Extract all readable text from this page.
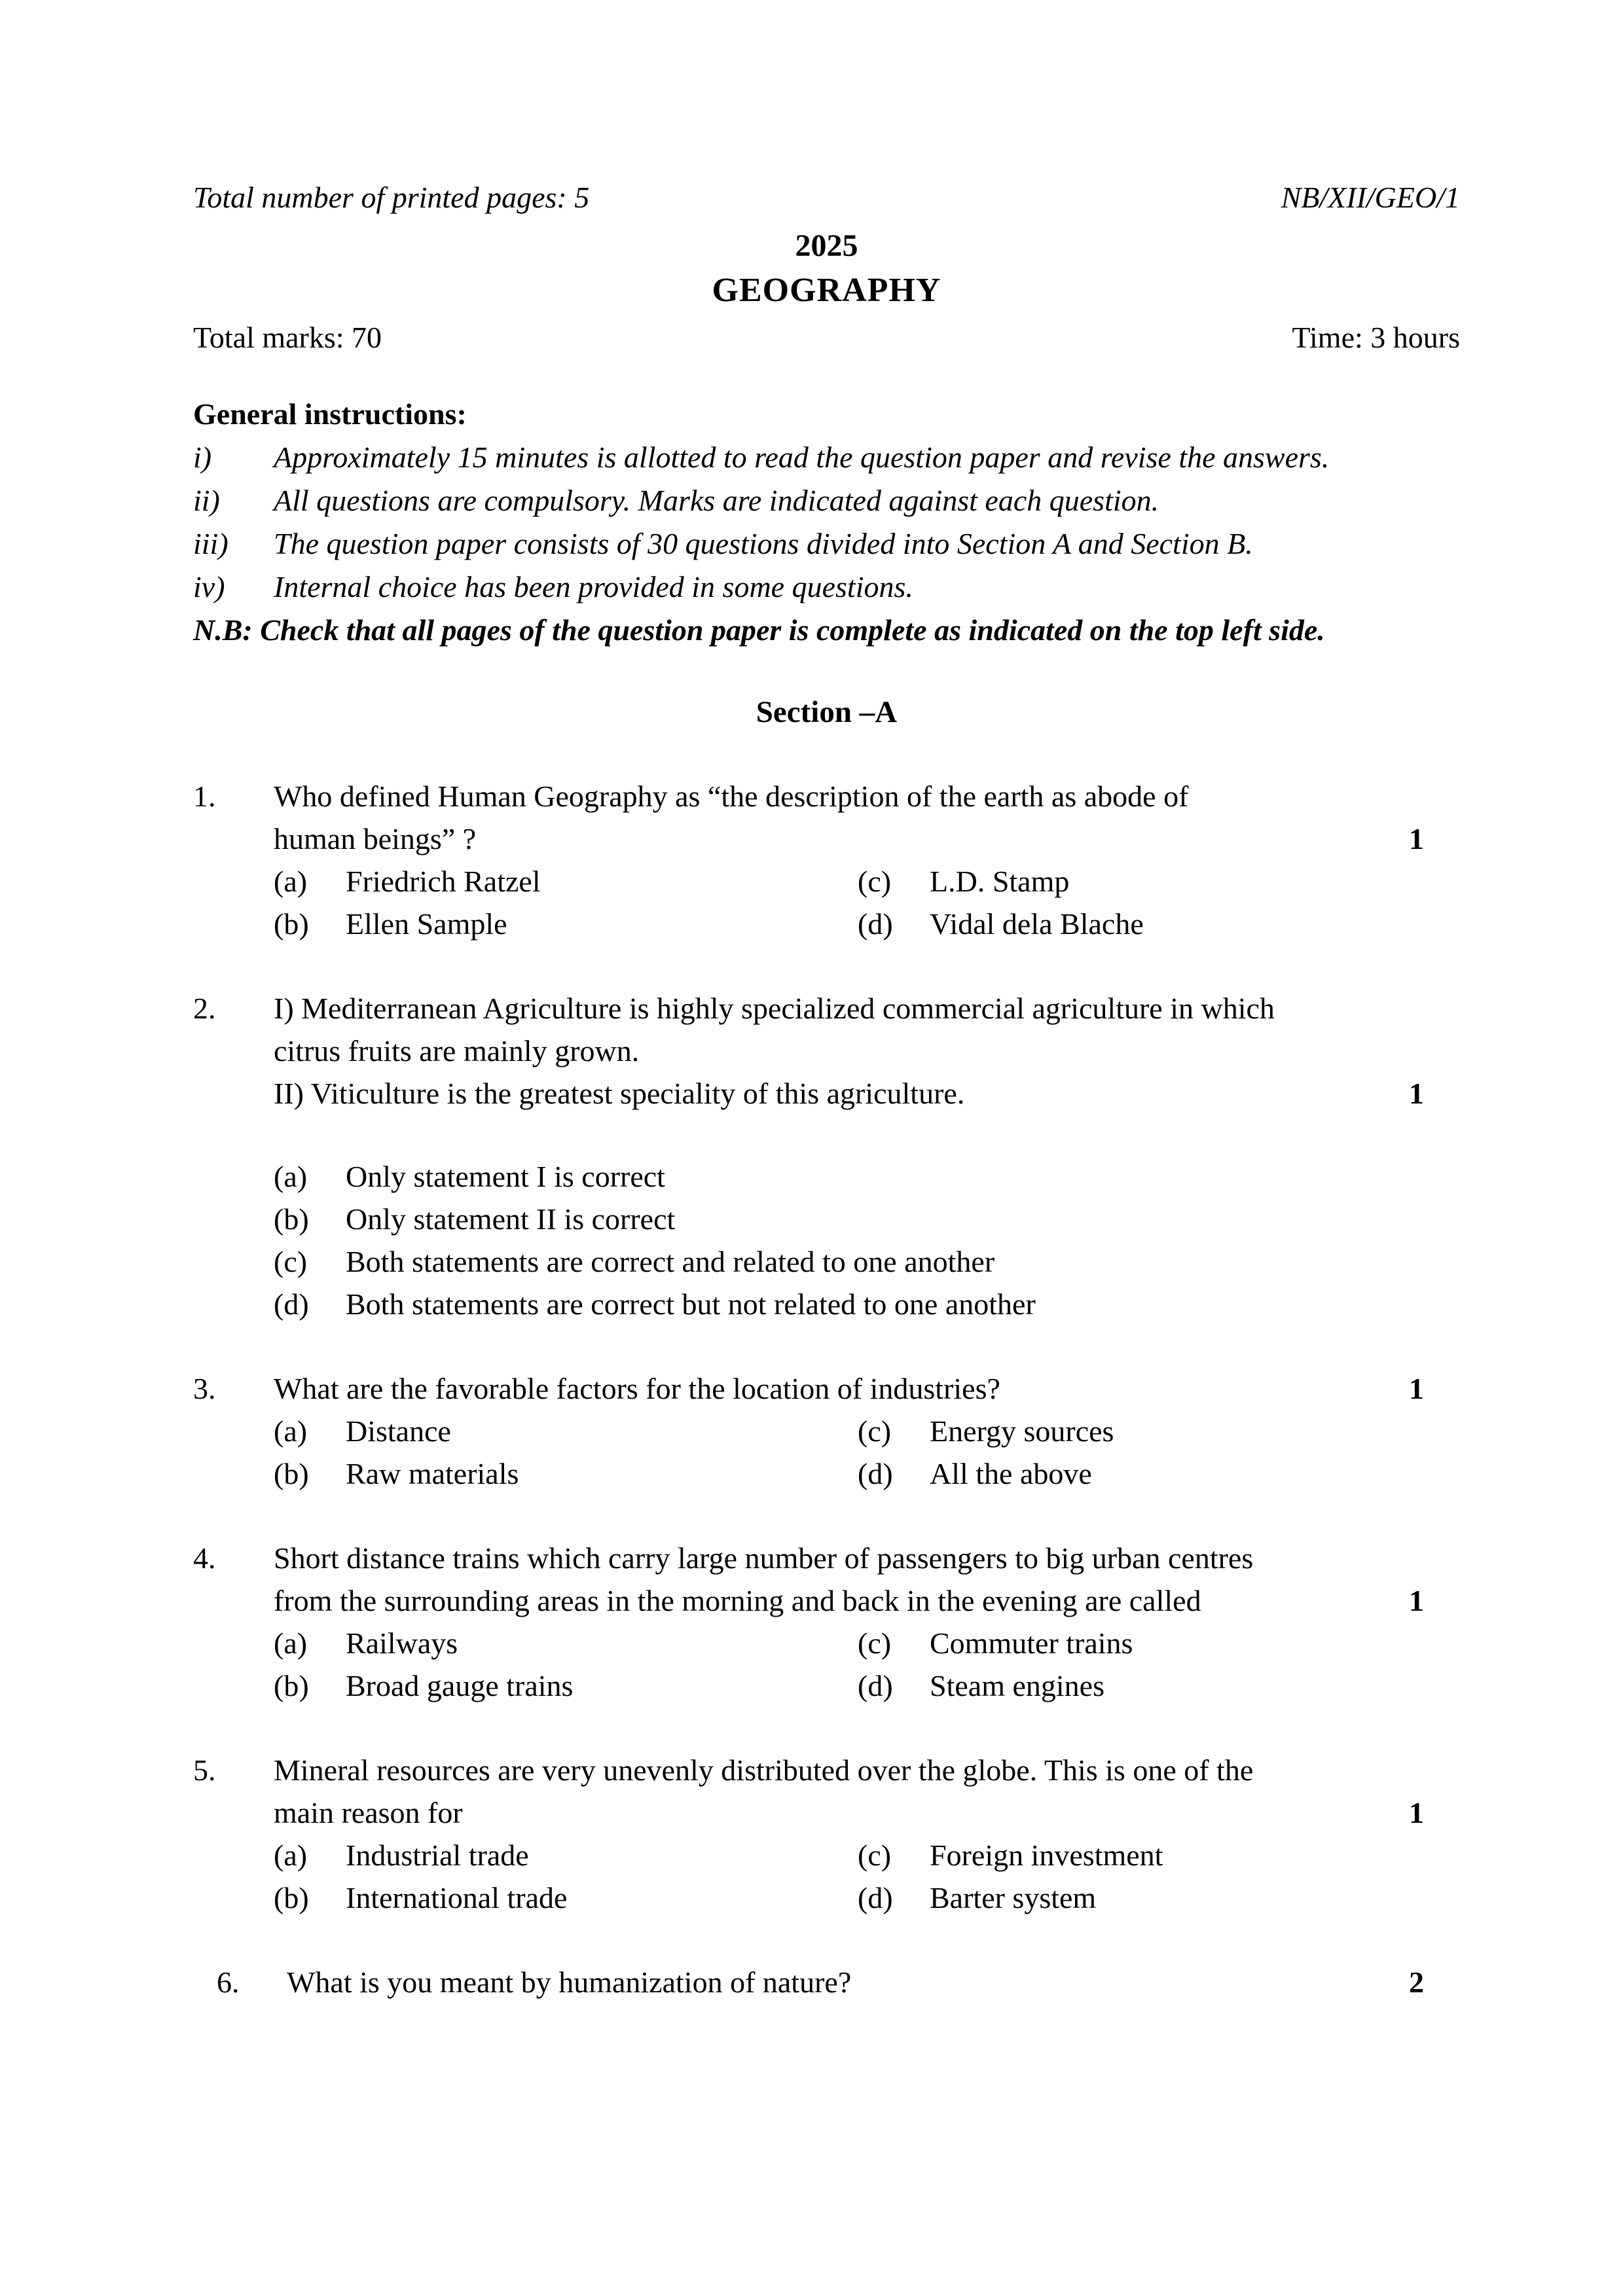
Total number of printed pages: 5	NB/XII/GEO/1
2025
GEOGRAPHY
Total marks: 70	Time: 3 hours
General instructions:
i)	Approximately 15 minutes is allotted to read the question paper and revise the answers.
ii)	All questions are compulsory. Marks are indicated against each question.
iii)	The question paper consists of 30 questions divided into Section A and Section B.
iv)	Internal choice has been provided in some questions.
N.B: Check that all pages of the question paper is complete as indicated on the top left side.
Section –A
1.	Who defined Human Geography as “the description of the earth as abode of
human beings” ?	1
(a)	Friedrich Ratzel	(c)	L.D. Stamp
(b)	Ellen Sample	(d)	Vidal dela Blache
2.	I) Mediterranean Agriculture is highly specialized commercial agriculture in which
citrus fruits are mainly grown.
II) Viticulture is the greatest speciality of this agriculture.	1
(a)	Only statement I is correct
(b)	Only statement II is correct
(c)	Both statements are correct and related to one another
(d)	Both statements are correct but not related to one another
3.	What are the favorable factors for the location of industries?	1
(a)	Distance	(c)	Energy sources
(b)	Raw materials	(d)	All the above
4.	Short distance trains which carry large number of passengers to big urban centres
from the surrounding areas in the morning and back in the evening are called	1
(a)	Railways	(c)	Commuter trains
(b)	Broad gauge trains	(d)	Steam engines
5.	Mineral resources are very unevenly distributed over the globe. This is one of the
main reason for	1
(a)	Industrial trade	(c)	Foreign investment
(b)	International trade	(d)	Barter system
6.	What is you meant by humanization of nature?	2
